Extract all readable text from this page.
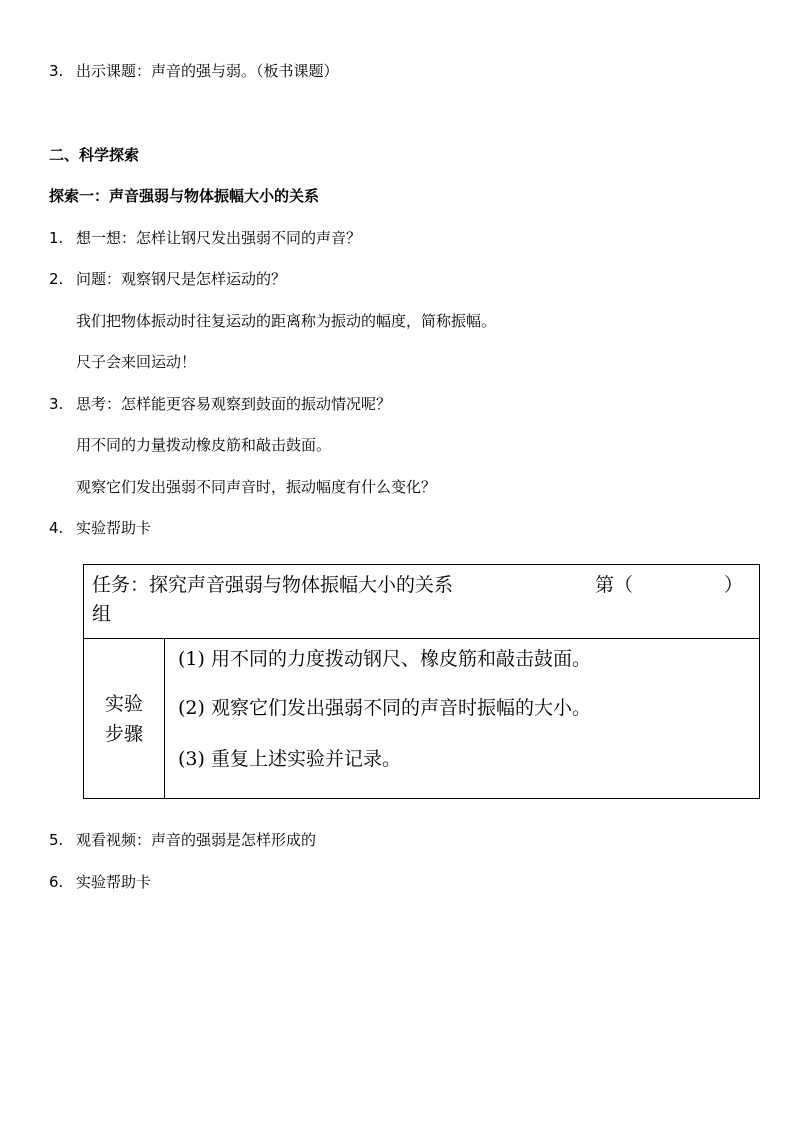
3. 出示课题：声音的强与弱。（板书课题）
二、科学探索
探索一：声音强弱与物体振幅大小的关系
1. 想一想：怎样让钢尺发出强弱不同的声音？
2. 问题：观察钢尺是怎样运动的？
我们把物体振动时往复运动的距离称为振动的幅度，简称振幅。
尺子会来回运动！
3. 思考：怎样能更容易观察到鼓面的振动情况呢？
用不同的力量拨动橡皮筋和敲击鼓面。
观察它们发出强弱不同声音时，振动幅度有什么变化？
4. 实验帮助卡
任务：探究声音强弱与物体振幅大小的关系	第（	）
组
实验
步骤
(1) 用不同的力度拨动钢尺、橡皮筋和敲击鼓面。
(2) 观察它们发出强弱不同的声音时振幅的大小。
(3) 重复上述实验并记录。
5. 观看视频：声音的强弱是怎样形成的
6. 实验帮助卡
